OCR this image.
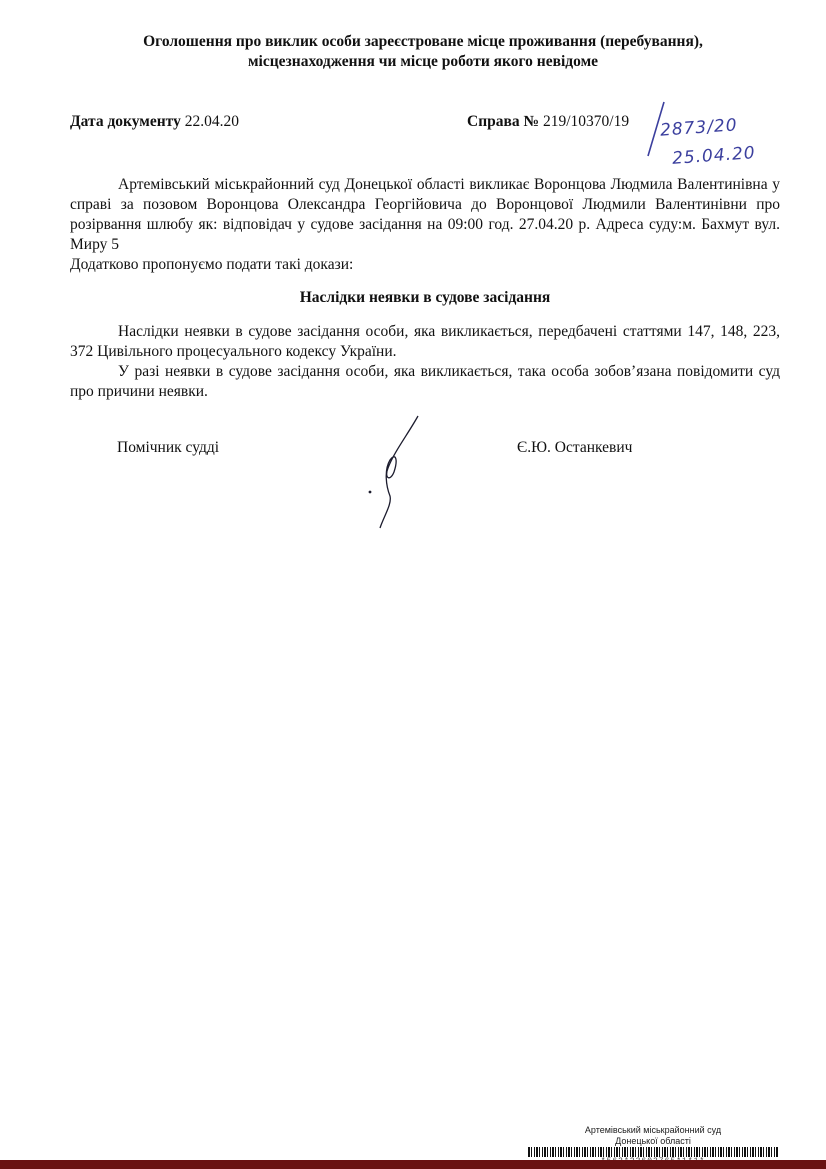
Оголошення про виклик особи зареєстроване місце проживання (перебування),
місцезнаходження чи місце роботи якого невідоме
Дата документу 22.04.20	Справа № 219/10370/19 2873/20
25.04.20

Артемівський міськрайонний суд Донецької області викликає Воронцова Людмила Валентинівна у справі за позовом Воронцова Олександра Георгійовича до Воронцової Людмили Валентинівни про розірвання шлюбу як: відповідач у судове засідання на 09:00 год. 27.04.20 р. Адреса суду:м. Бахмут вул. Миру 5

Додатково пропонуємо подати такі докази:

Наслідки неявки в судове засідання

Наслідки неявки в судове засідання особи, яка викликається, передбачені статтями 147, 148, 223, 372 Цивільного процесуального кодексу України.

У разі неявки в судове засідання особи, яка викликається, така особа зобов’язана повідомити суд про причини неявки.

Помічник судді	Є.Ю. Останкевич
Артемівський міськрайонний суд
Донецької області
